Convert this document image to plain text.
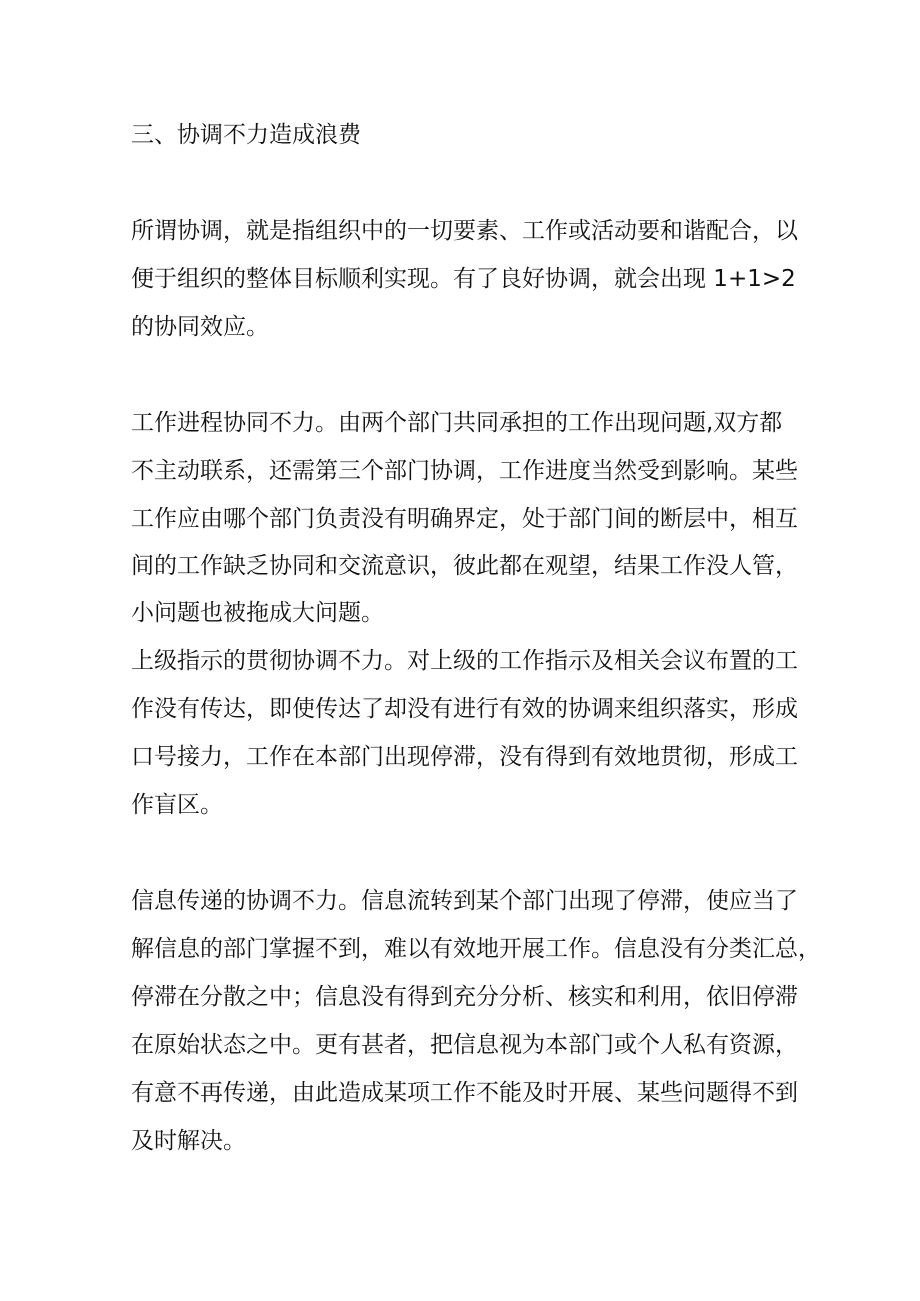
三、协调不力造成浪费

所谓协调，就是指组织中的一切要素、工作或活动要和谐配合，以

便于组织的整体目标顺利实现。有了良好协调，就会出现 1+1>2

的协同效应。

工作进程协同不力。由两个部门共同承担的工作出现问题,双方都

不主动联系，还需第三个部门协调，工作进度当然受到影响。某些

工作应由哪个部门负责没有明确界定，处于部门间的断层中，相互

间的工作缺乏协同和交流意识，彼此都在观望，结果工作没人管，

小问题也被拖成大问题。

上级指示的贯彻协调不力。对上级的工作指示及相关会议布置的工

作没有传达，即使传达了却没有进行有效的协调来组织落实，形成

口号接力，工作在本部门出现停滞，没有得到有效地贯彻，形成工

作盲区。

信息传递的协调不力。信息流转到某个部门出现了停滞，使应当了

解信息的部门掌握不到，难以有效地开展工作。信息没有分类汇总，

停滞在分散之中；信息没有得到充分分析、核实和利用，依旧停滞

在原始状态之中。更有甚者，把信息视为本部门或个人私有资源，

有意不再传递，由此造成某项工作不能及时开展、某些问题得不到

及时解决。
